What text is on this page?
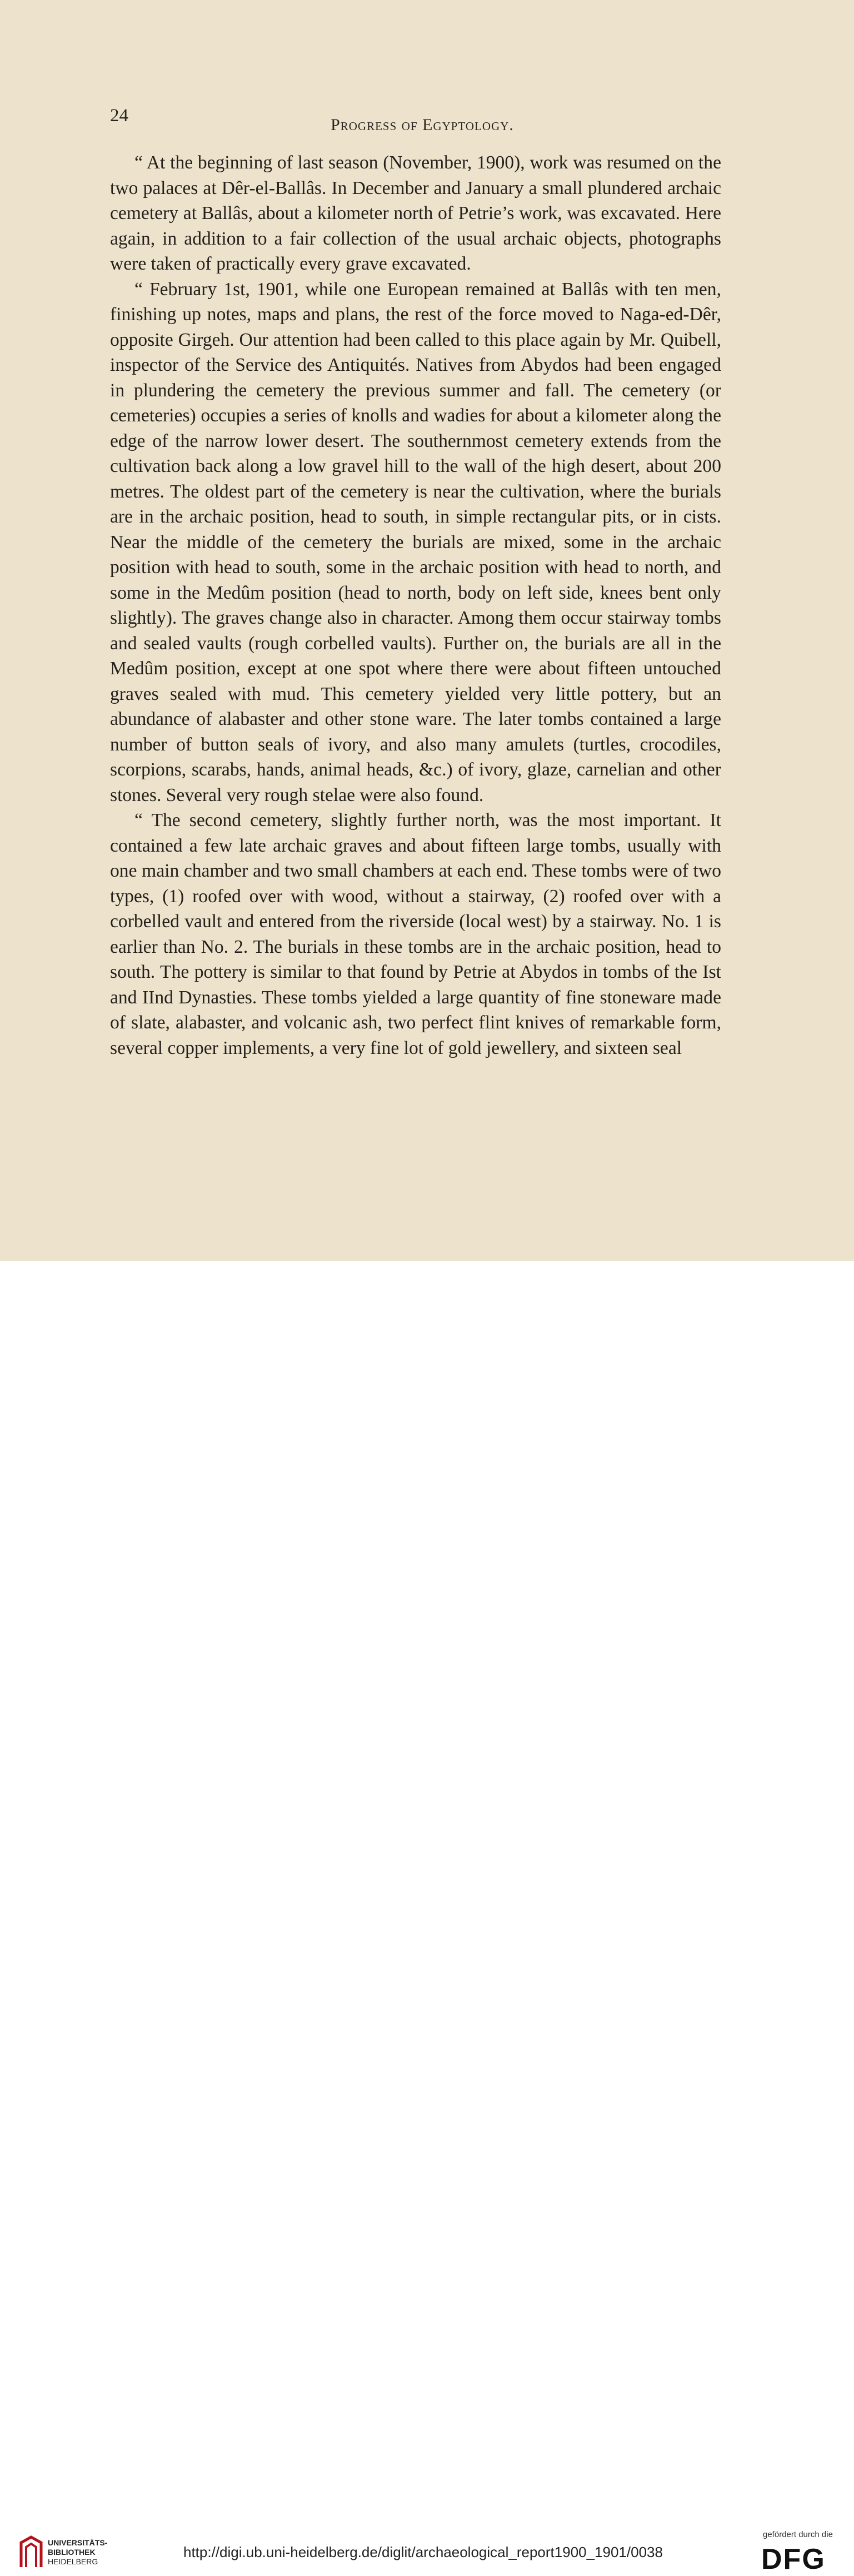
24	Progress of Egyptology.

“ At the beginning of last season (November, 1900), work was resumed on the two palaces at Dêr-el-Ballâs. In December and January a small plundered archaic cemetery at Ballâs, about a kilometer north of Petrie’s work, was excavated. Here again, in addition to a fair collection of the usual archaic objects, photographs were taken of practically every grave excavated.

“ February 1st, 1901, while one European remained at Ballâs with ten men, finishing up notes, maps and plans, the rest of the force moved to Naga-ed-Dêr, opposite Girgeh. Our attention had been called to this place again by Mr. Quibell, inspector of the Service des Antiquités. Natives from Abydos had been engaged in plundering the cemetery the previous summer and fall. The cemetery (or cemeteries) occupies a series of knolls and wadies for about a kilometer along the edge of the narrow lower desert. The southernmost cemetery extends from the cultivation back along a low gravel hill to the wall of the high desert, about 200 metres. The oldest part of the cemetery is near the cultivation, where the burials are in the archaic position, head to south, in simple rectangular pits, or in cists. Near the middle of the cemetery the burials are mixed, some in the archaic position with head to south, some in the archaic position with head to north, and some in the Medûm position (head to north, body on left side, knees bent only slightly). The graves change also in character. Among them occur stairway tombs and sealed vaults (rough corbelled vaults). Further on, the burials are all in the Medûm position, except at one spot where there were about fifteen untouched graves sealed with mud. This cemetery yielded very little pottery, but an abundance of alabaster and other stone ware. The later tombs contained a large number of button seals of ivory, and also many amulets (turtles, crocodiles, scorpions, scarabs, hands, animal heads, &c.) of ivory, glaze, carnelian and other stones. Several very rough stelae were also found.

“ The second cemetery, slightly further north, was the most important. It contained a few late archaic graves and about fifteen large tombs, usually with one main chamber and two small chambers at each end. These tombs were of two types, (1) roofed over with wood, without a stairway, (2) roofed over with a corbelled vault and entered from the riverside (local west) by a stairway. No. 1 is earlier than No. 2. The burials in these tombs are in the archaic position, head to south. The pottery is similar to that found by Petrie at Abydos in tombs of the Ist and IInd Dynasties. These tombs yielded a large quantity of fine stoneware made of slate, alabaster, and volcanic ash, two perfect flint knives of remarkable form, several copper implements, a very fine lot of gold jewellery, and sixteen seal

UNIVERSITÄTS-
BIBLIOTHEK
HEIDELBERG
http://digi.ub.uni-heidelberg.de/diglit/archaeological_report1900_1901/0038
gefördert durch die
DFG
